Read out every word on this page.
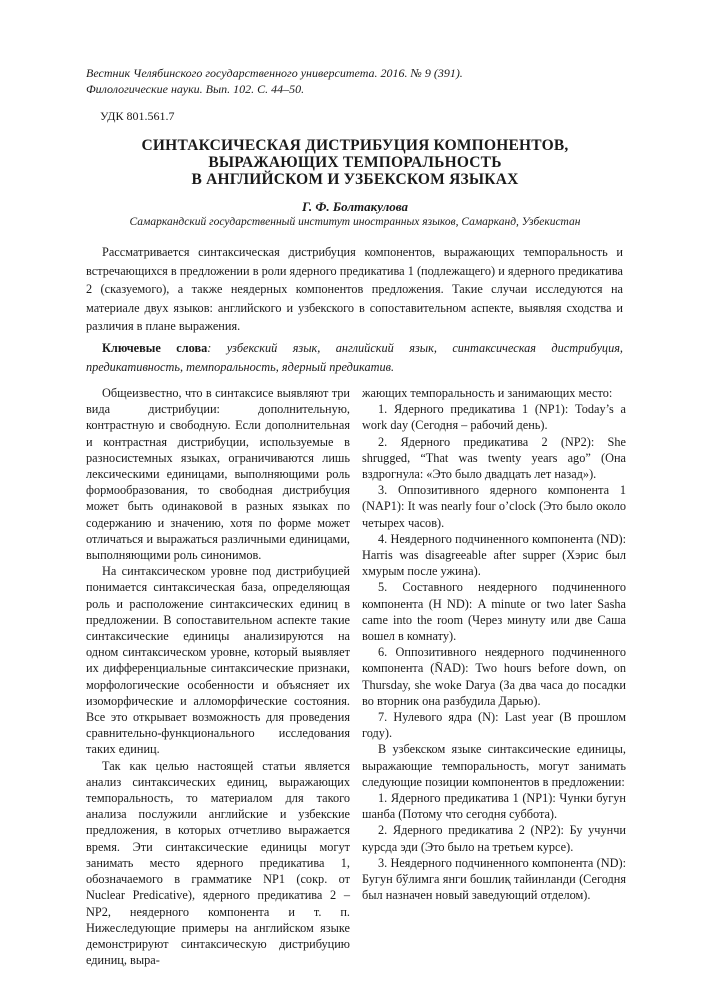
Вестник Челябинского государственного университета. 2016. № 9 (391).
Филологические науки. Вып. 102. С. 44–50.
УДК 801.561.7
СИНТАКСИЧЕСКАЯ ДИСТРИБУЦИЯ КОМПОНЕНТОВ,
ВЫРАЖАЮЩИХ ТЕМПОРАЛЬНОСТЬ
В АНГЛИЙСКОМ И УЗБЕКСКОМ ЯЗЫКАХ
Г. Ф. Болтакулова
Самаркандский государственный институт иностранных языков, Самарканд, Узбекистан

Рассматривается синтаксическая дистрибуция компонентов, выражающих темпоральность и встречающихся в предложении в роли ядерного предикатива 1 (подлежащего) и ядерного предикатива 2 (сказуемого), а также неядерных компонентов предложения. Такие случаи исследуются на материале двух языков: английского и узбекского в сопоставительном аспекте, выявляя сходства и различия в плане выражения.

Ключевые слова: узбекский язык, английский язык, синтаксическая дистрибуция, предикативность, темпоральность, ядерный предикатив.

Общеизвестно, что в синтаксисе выявляют три вида дистрибуции: дополнительную, контрастную и свободную. Если дополнительная и контрастная дистрибуции, используемые в разносистемных языках, ограничиваются лишь лексическими единицами, выполняющими роль формообразования, то свободная дистрибуция может быть одинаковой в разных языках по содержанию и значению, хотя по форме может отличаться и выражаться различными единицами, выполняющими роль синонимов.

На синтаксическом уровне под дистрибуцией понимается синтаксическая база, определяющая роль и расположение синтаксических единиц в предложении. В сопоставительном аспекте такие синтаксические единицы анализируются на одном синтаксическом уровне, который выявляет их дифференциальные синтаксические признаки, морфологические особенности и объясняет их изоморфические и алломорфические состояния. Все это открывает возможность для проведения сравнительно-функционального исследования таких единиц.

Так как целью настоящей статьи является анализ синтаксических единиц, выражающих темпоральность, то материалом для такого анализа послужили английские и узбекские предложения, в которых отчетливо выражается время. Эти синтаксические единицы могут занимать место ядерного предикатива 1, обозначаемого в грамматике NP1 (сокр. от Nuclear Predicative), ядерного предикатива 2 – NP2, неядерного компонента и т. п. Нижеследующие примеры на английском языке демонстрируют синтаксическую дистрибуцию единиц, выра-

жающих темпоральность и занимающих место:

1. Ядерного предикатива 1 (NP1): Today’s a work day (Сегодня – рабочий день).

2. Ядерного предикатива 2 (NP2): She shrugged, “That was twenty years ago” (Она вздрогнула: «Это было двадцать лет назад»).

3. Оппозитивного ядерного компонента 1 (NAP1): It was nearly four o’clock (Это было около четырех часов).

4. Неядерного подчиненного компонента (ND): Harris was disagreeable after supper (Хэрис был хмурым после ужина).

5. Составного неядерного подчиненного компонента (H ND): A minute or two later Sasha came into the room (Через минуту или две Саша вошел в комнату).

6. Оппозитивного неядерного подчиненного компонента (N̄AD): Two hours before down, on Thursday, she woke Darya (За два часа до посадки во вторник она разбудила Дарью).

7. Нулевого ядра (N): Last year (В прошлом году).

В узбекском языке синтаксические единицы, выражающие темпоральность, могут занимать следующие позиции компонентов в предложении:

1. Ядерного предикатива 1 (NP1): Чунки бугун шанба (Потому что сегодня суббота).

2. Ядерного предикатива 2 (NP2): Бу учунчи курсда эди (Это было на третьем курсе).

3. Неядерного подчиненного компонента (ND): Бугун бўлимга янги бошлиқ тайинланди (Сегодня был назначен новый заведующий отделом).
